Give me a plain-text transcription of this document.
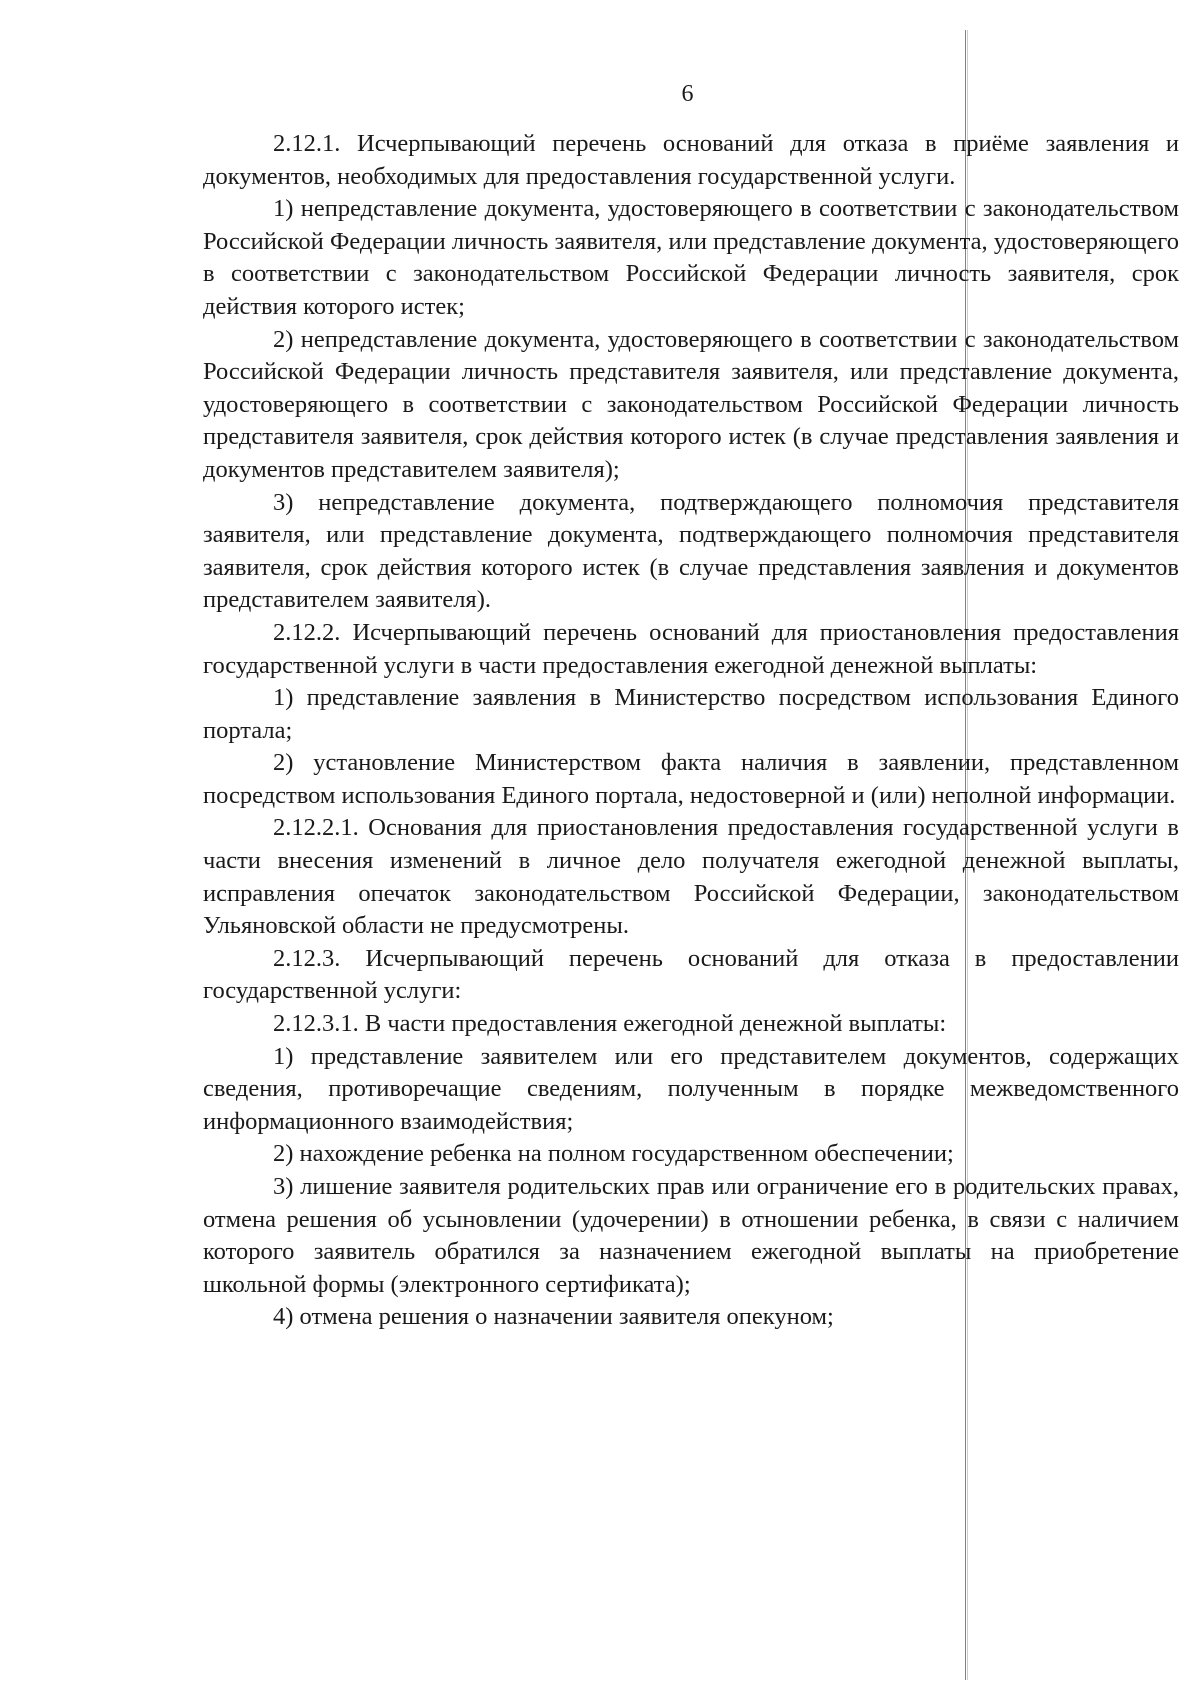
6

2.12.1. Исчерпывающий перечень оснований для отказа в приёме заявления и документов, необходимых для предоставления государственной услуги.

1) непредставление документа, удостоверяющего в соответствии с законодательством Российской Федерации личность заявителя, или представление документа, удостоверяющего в соответствии с законодательством Российской Федерации личность заявителя, срок действия которого истек;

2) непредставление документа, удостоверяющего в соответствии с законодательством Российской Федерации личность представителя заявителя, или представление документа, удостоверяющего в соответствии с законодательством Российской Федерации личность представителя заявителя, срок действия которого истек (в случае представления заявления и документов представителем заявителя);

3) непредставление документа, подтверждающего полномочия представителя заявителя, или представление документа, подтверждающего полномочия представителя заявителя, срок действия которого истек (в случае представления заявления и документов представителем заявителя).

2.12.2. Исчерпывающий перечень оснований для приостановления предоставления государственной услуги в части предоставления ежегодной денежной выплаты:

1) представление заявления в Министерство посредством использования Единого портала;

2) установление Министерством факта наличия в заявлении, представленном посредством использования Единого портала, недостоверной и (или) неполной информации.

2.12.2.1. Основания для приостановления предоставления государственной услуги в части внесения изменений в личное дело получателя ежегодной денежной выплаты, исправления опечаток законодательством Российской Федерации, законодательством Ульяновской области не предусмотрены.

2.12.3. Исчерпывающий перечень оснований для отказа в предоставлении государственной услуги:

2.12.3.1. В части предоставления ежегодной денежной выплаты:

1) представление заявителем или его представителем документов, содержащих сведения, противоречащие сведениям, полученным в порядке межведомственного информационного взаимодействия;

2) нахождение ребенка на полном государственном обеспечении;

3) лишение заявителя родительских прав или ограничение его в родительских правах, отмена решения об усыновлении (удочерении) в отношении ребенка, в связи с наличием которого заявитель обратился за назначением ежегодной выплаты на приобретение школьной формы (электронного сертификата);

4) отмена решения о назначении заявителя опекуном;
